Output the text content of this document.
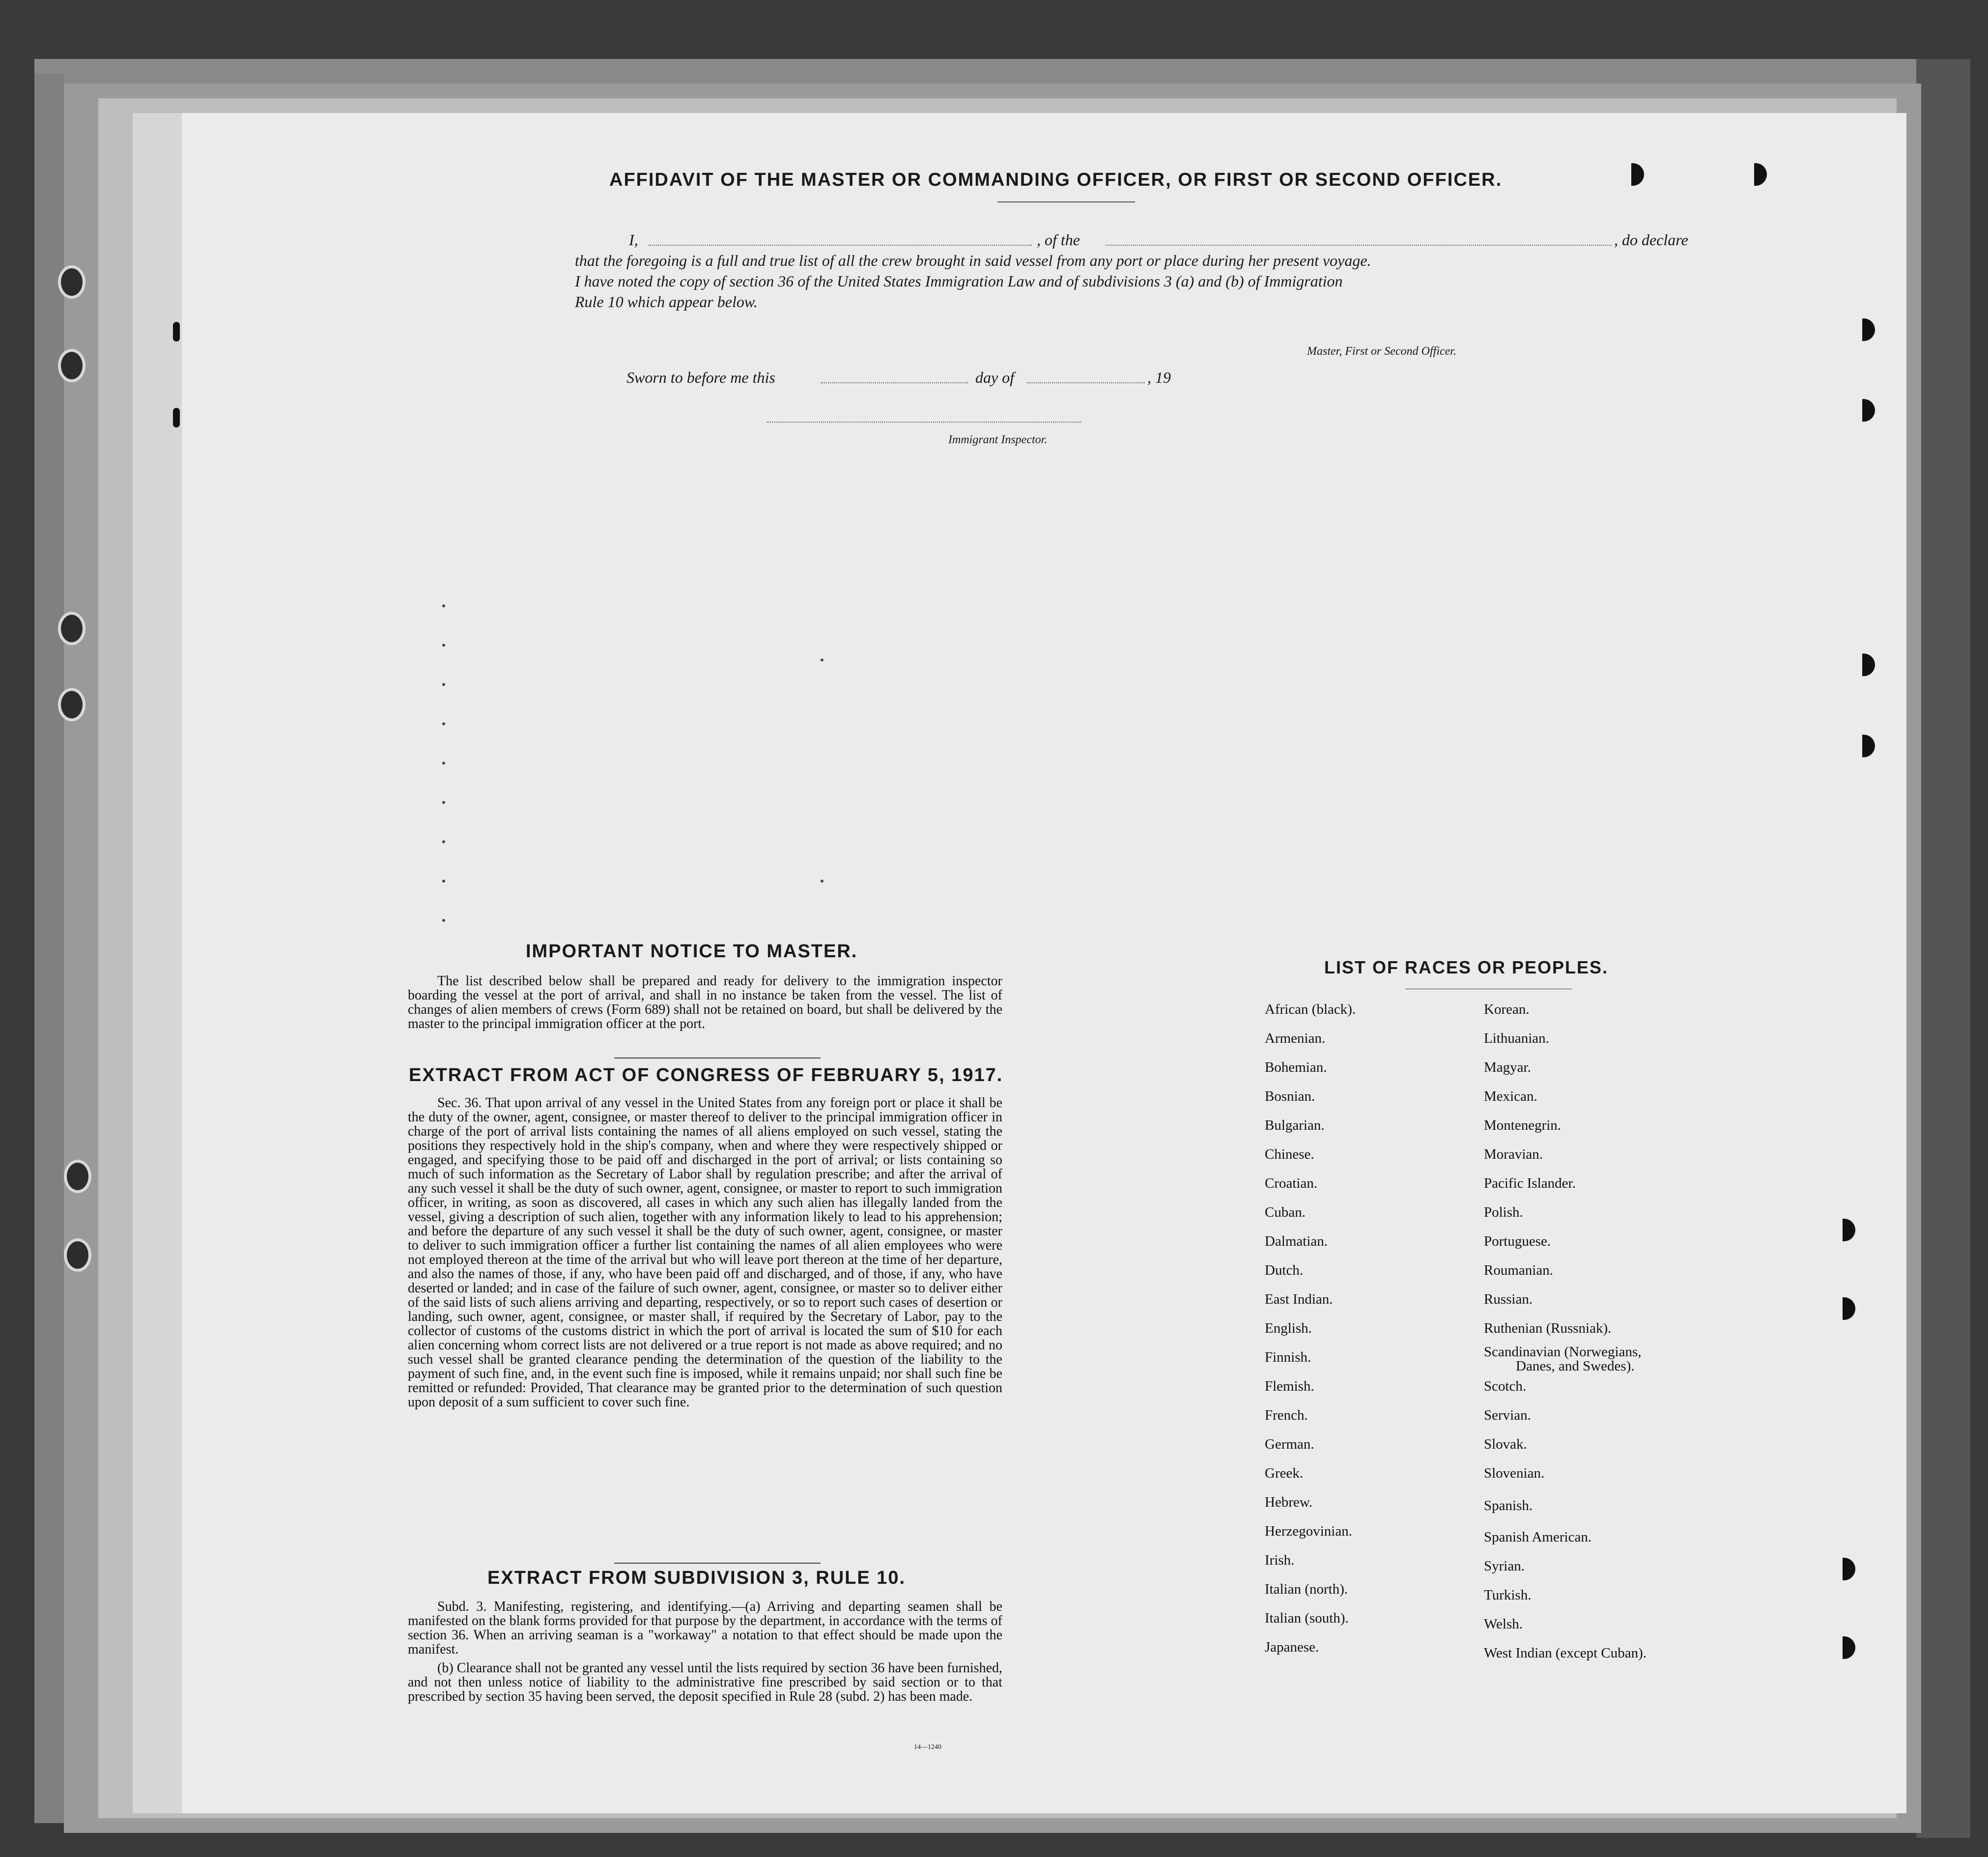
AFFIDAVIT OF THE MASTER OR COMMANDING OFFICER, OR FIRST OR SECOND OFFICER.
I,	, of the	, do declare
that the foregoing is a full and true list of all the crew brought in said vessel from any port or place during her present voyage.
I have noted the copy of section 36 of the United States Immigration Law and of subdivisions 3 (a) and (b) of Immigration
Rule 10 which appear below.
Master, First or Second Officer.
Sworn to before me this	day of	, 19
Immigrant Inspector.
IMPORTANT NOTICE TO MASTER.
The list described below shall be prepared and ready for delivery to the immigration inspector boarding the vessel at the port of arrival, and shall in no instance be taken from the vessel. The list of changes of alien members of crews (Form 689) shall not be retained on board, but shall be delivered by the master to the principal immigration officer at the port.
EXTRACT FROM ACT OF CONGRESS OF FEBRUARY 5, 1917.
Sec. 36. That upon arrival of any vessel in the United States from any foreign port or place it shall be the duty of the owner, agent, consignee, or master thereof to deliver to the principal immigration officer in charge of the port of arrival lists containing the names of all aliens employed on such vessel, stating the positions they respectively hold in the ship's company, when and where they were respectively shipped or engaged, and specifying those to be paid off and discharged in the port of arrival; or lists containing so much of such information as the Secretary of Labor shall by regulation prescribe; and after the arrival of any such vessel it shall be the duty of such owner, agent, consignee, or master to report to such immigration officer, in writing, as soon as discovered, all cases in which any such alien has illegally landed from the vessel, giving a description of such alien, together with any information likely to lead to his apprehension; and before the departure of any such vessel it shall be the duty of such owner, agent, consignee, or master to deliver to such immigration officer a further list containing the names of all alien employees who were not employed thereon at the time of the arrival but who will leave port thereon at the time of her departure, and also the names of those, if any, who have been paid off and discharged, and of those, if any, who have deserted or landed; and in case of the failure of such owner, agent, consignee, or master so to deliver either of the said lists of such aliens arriving and departing, respectively, or so to report such cases of desertion or landing, such owner, agent, consignee, or master shall, if required by the Secretary of Labor, pay to the collector of customs of the customs district in which the port of arrival is located the sum of $10 for each alien concerning whom correct lists are not delivered or a true report is not made as above required; and no such vessel shall be granted clearance pending the determination of the question of the liability to the payment of such fine, and, in the event such fine is imposed, while it remains unpaid; nor shall such fine be remitted or refunded: Provided, That clearance may be granted prior to the determination of such question upon deposit of a sum sufficient to cover such fine.
EXTRACT FROM SUBDIVISION 3, RULE 10.
Subd. 3. Manifesting, registering, and identifying.—(a) Arriving and departing seamen shall be manifested on the blank forms provided for that purpose by the department, in accordance with the terms of section 36. When an arriving seaman is a "workaway" a notation to that effect should be made upon the manifest.
(b) Clearance shall not be granted any vessel until the lists required by section 36 have been furnished, and not then unless notice of liability to the administrative fine prescribed by said section or to that prescribed by section 35 having been served, the deposit specified in Rule 28 (subd. 2) has been made.
14—1240
LIST OF RACES OR PEOPLES.
African (black).
Armenian.
Bohemian.
Bosnian.
Bulgarian.
Chinese.
Croatian.
Cuban.
Dalmatian.
Dutch.
East Indian.
English.
Finnish.
Flemish.
French.
German.
Greek.
Hebrew.
Herzegovinian.
Irish.
Italian (north).
Italian (south).
Japanese.
Korean.
Lithuanian.
Magyar.
Mexican.
Montenegrin.
Moravian.
Pacific Islander.
Polish.
Portuguese.
Roumanian.
Russian.
Ruthenian (Russniak).
Scandinavian (Norwegians,
Danes, and Swedes).
Scotch.
Servian.
Slovak.
Slovenian.
Spanish.
Spanish American.
Syrian.
Turkish.
Welsh.
West Indian (except Cuban).
